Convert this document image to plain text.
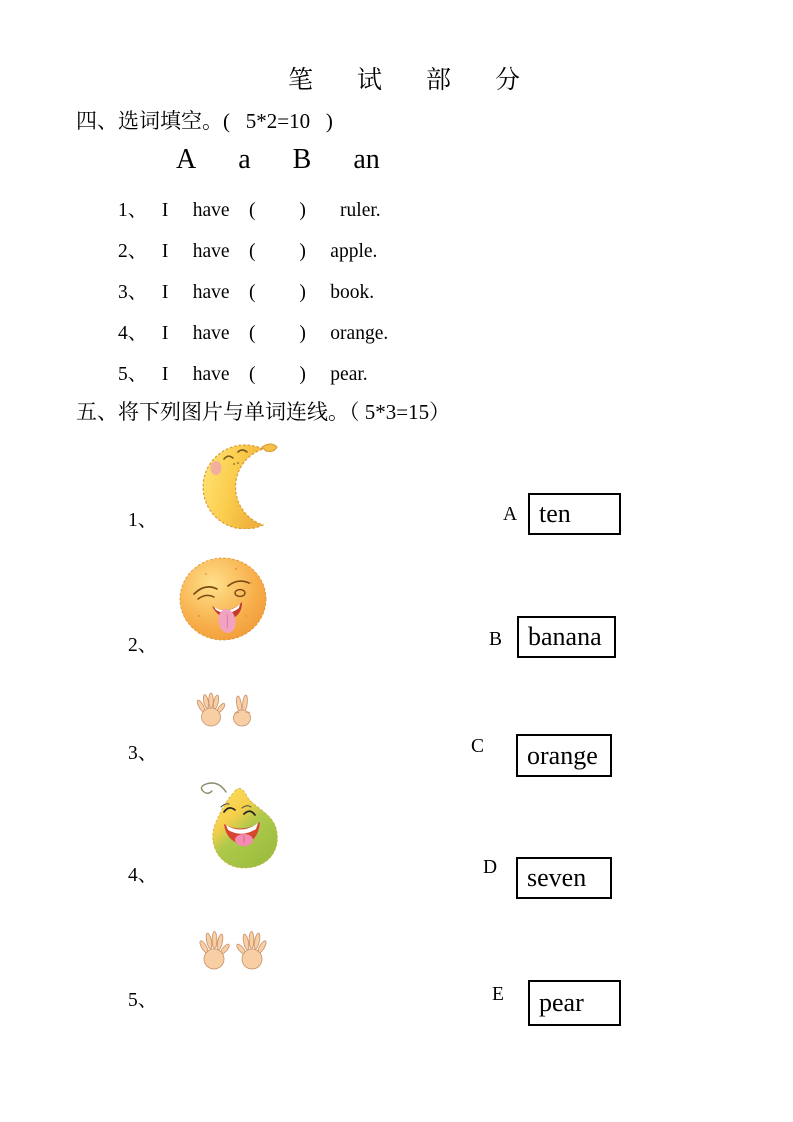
笔试部分
四、选词填空。(   5*2=10   )
A a B an
1、   I     have    (         )       ruler.
2、   I     have    (         )     apple.
3、   I     have    (         )     book.
4、   I     have    (         )     orange.
5、   I     have    (         )     pear.
五、将下列图片与单词连线。（ 5*3=15）
1、	A ten
2、	B banana
3、	C	orange
4、	D	seven
5、	E	pear
